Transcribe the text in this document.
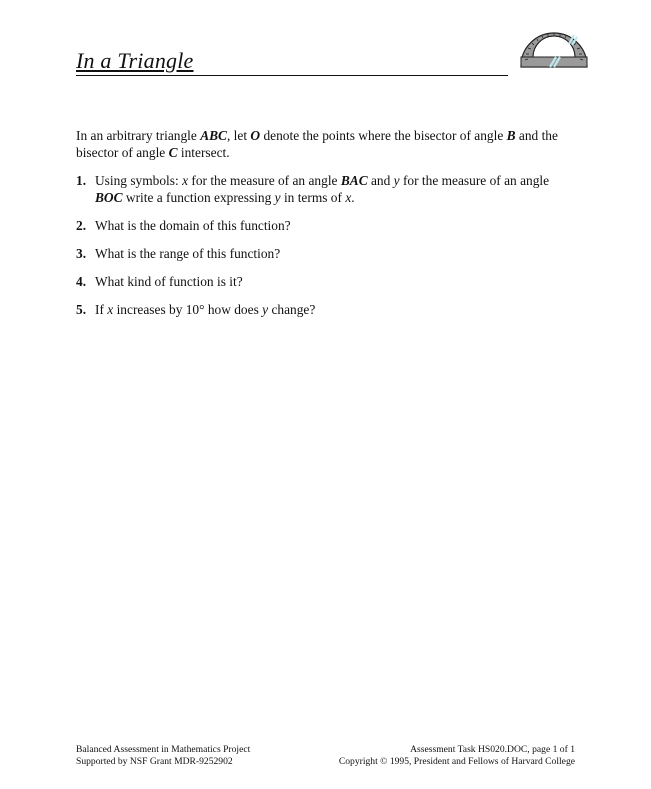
In a Triangle
In an arbitrary triangle ABC, let O denote the points where the bisector of angle B and the bisector of angle C intersect.
1. Using symbols: x for the measure of an angle BAC and y for the measure of an angle BOC write a function expressing y in terms of x.
2. What is the domain of this function?
3. What is the range of this function?
4. What kind of function is it?
5. If x increases by 10° how does y change?
Balanced Assessment in Mathematics Project
Supported by NSF Grant MDR-9252902
Assessment Task HS020.DOC, page 1 of 1
Copyright © 1995, President and Fellows of Harvard College
